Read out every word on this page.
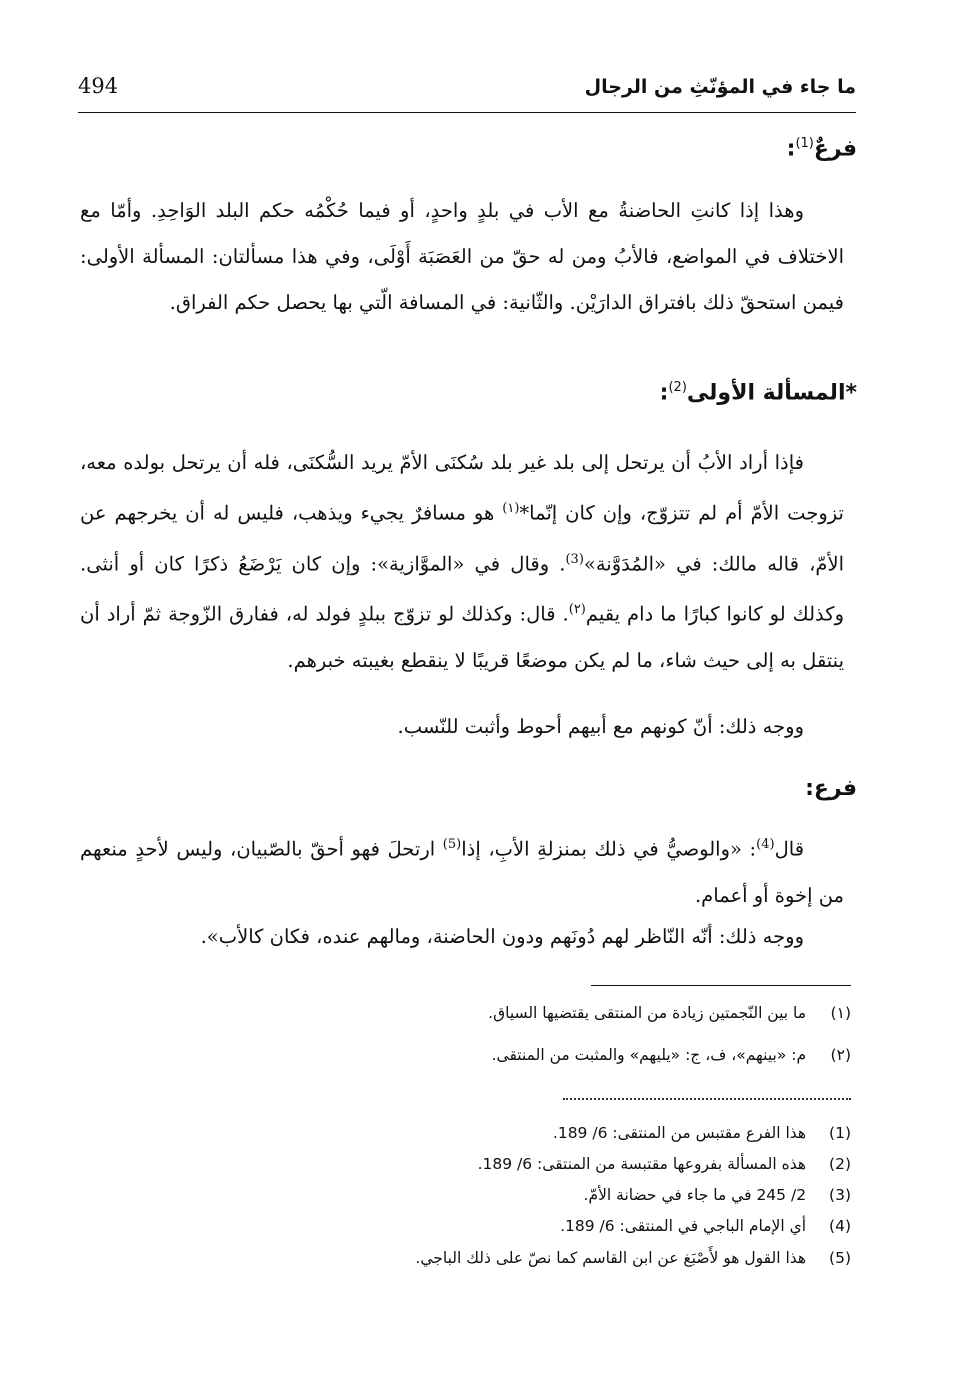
494	ما جاء في المؤنّثِ من الرجال
فرعٌ$^{(1)}$:

وهذا إذا كانتِ الحاضنةُ مع الأب في بلدٍ واحدٍ، أو فيما حُكْمُه حكم البلد الوَاحِدِ. وأمّا مع الاختلاف في المواضع، فالأبُ ومن له حقّ من العَصَبَة أَوْلَى، وفي هذا مسألتان: المسألة الأولى: فيمن استحقّ ذلك بافتراق الدارَيْن. والثّانية: في المسافة الّتي بها يحصل حكم الفراق.

*المسألة الأولى$^{(2)}$:

فإذا أراد الأبُ أن يرتحل إلى بلد غير بلد سُكنَى الأمّ يريد السُّكنَى، فله أن يرتحل بولده معه، تزوجت الأمّ أم لم تتزوّج، وإن كان إنّما*$^{(١)}$ هو مسافرٌ يجيء ويذهب، فليس له أن يخرجهم عن الأمّ، قاله مالك: في «المُدَوَّنة»$^{(3)}$. وقال في «الموَّازية»: وإن كان يَرْضَعُ ذكرًا كان أو أنثى. وكذلك لو كانوا كبارًا ما دام يقيم$^{(٢)}$. قال: وكذلك لو تزوّج ببلدٍ فولد له، ففارق الزّوجة ثمّ أراد أن ينتقل به إلى حيث شاء، ما لم يكن موضعًا قريبًا لا ينقطع بغيبته خبرهم.

ووجه ذلك: أنّ كونهم مع أبيهم أحوط وأثبت للنّسب.

فرع:

قال$^{(4)}$: «والوصيُّ في ذلك بمنزلةِ الأبِ، إذا$^{(5)}$ ارتحلَ فهو أحقّ بالصّبيان، وليس لأحدٍ منعهم من إخوة أو أعمام.

ووجه ذلك: أنّه النّاظر لهم دُونَهم ودون الحاضنة، ومالهم عنده، فكان كالأب».

(١) ما بين النّجمتين زيادة من المنتقى يقتضيها السياق.
(٢) م: «بينهم»، ف، ج: «يليهم» والمثبت من المنتقى.
(1) هذا الفرع مقتبس من المنتقى: 6/ 189.
(2) هذه المسألة بفروعها مقتبسة من المنتقى: 6/ 189.
(3) 2/ 245 في ما جاء في حضانة الأمّ.
(4) أي الإمام الباجي في المنتقى: 6/ 189.
(5) هذا القول هو لأَصْبَغ عن ابن القاسم كما نصّ على ذلك الباجي.
